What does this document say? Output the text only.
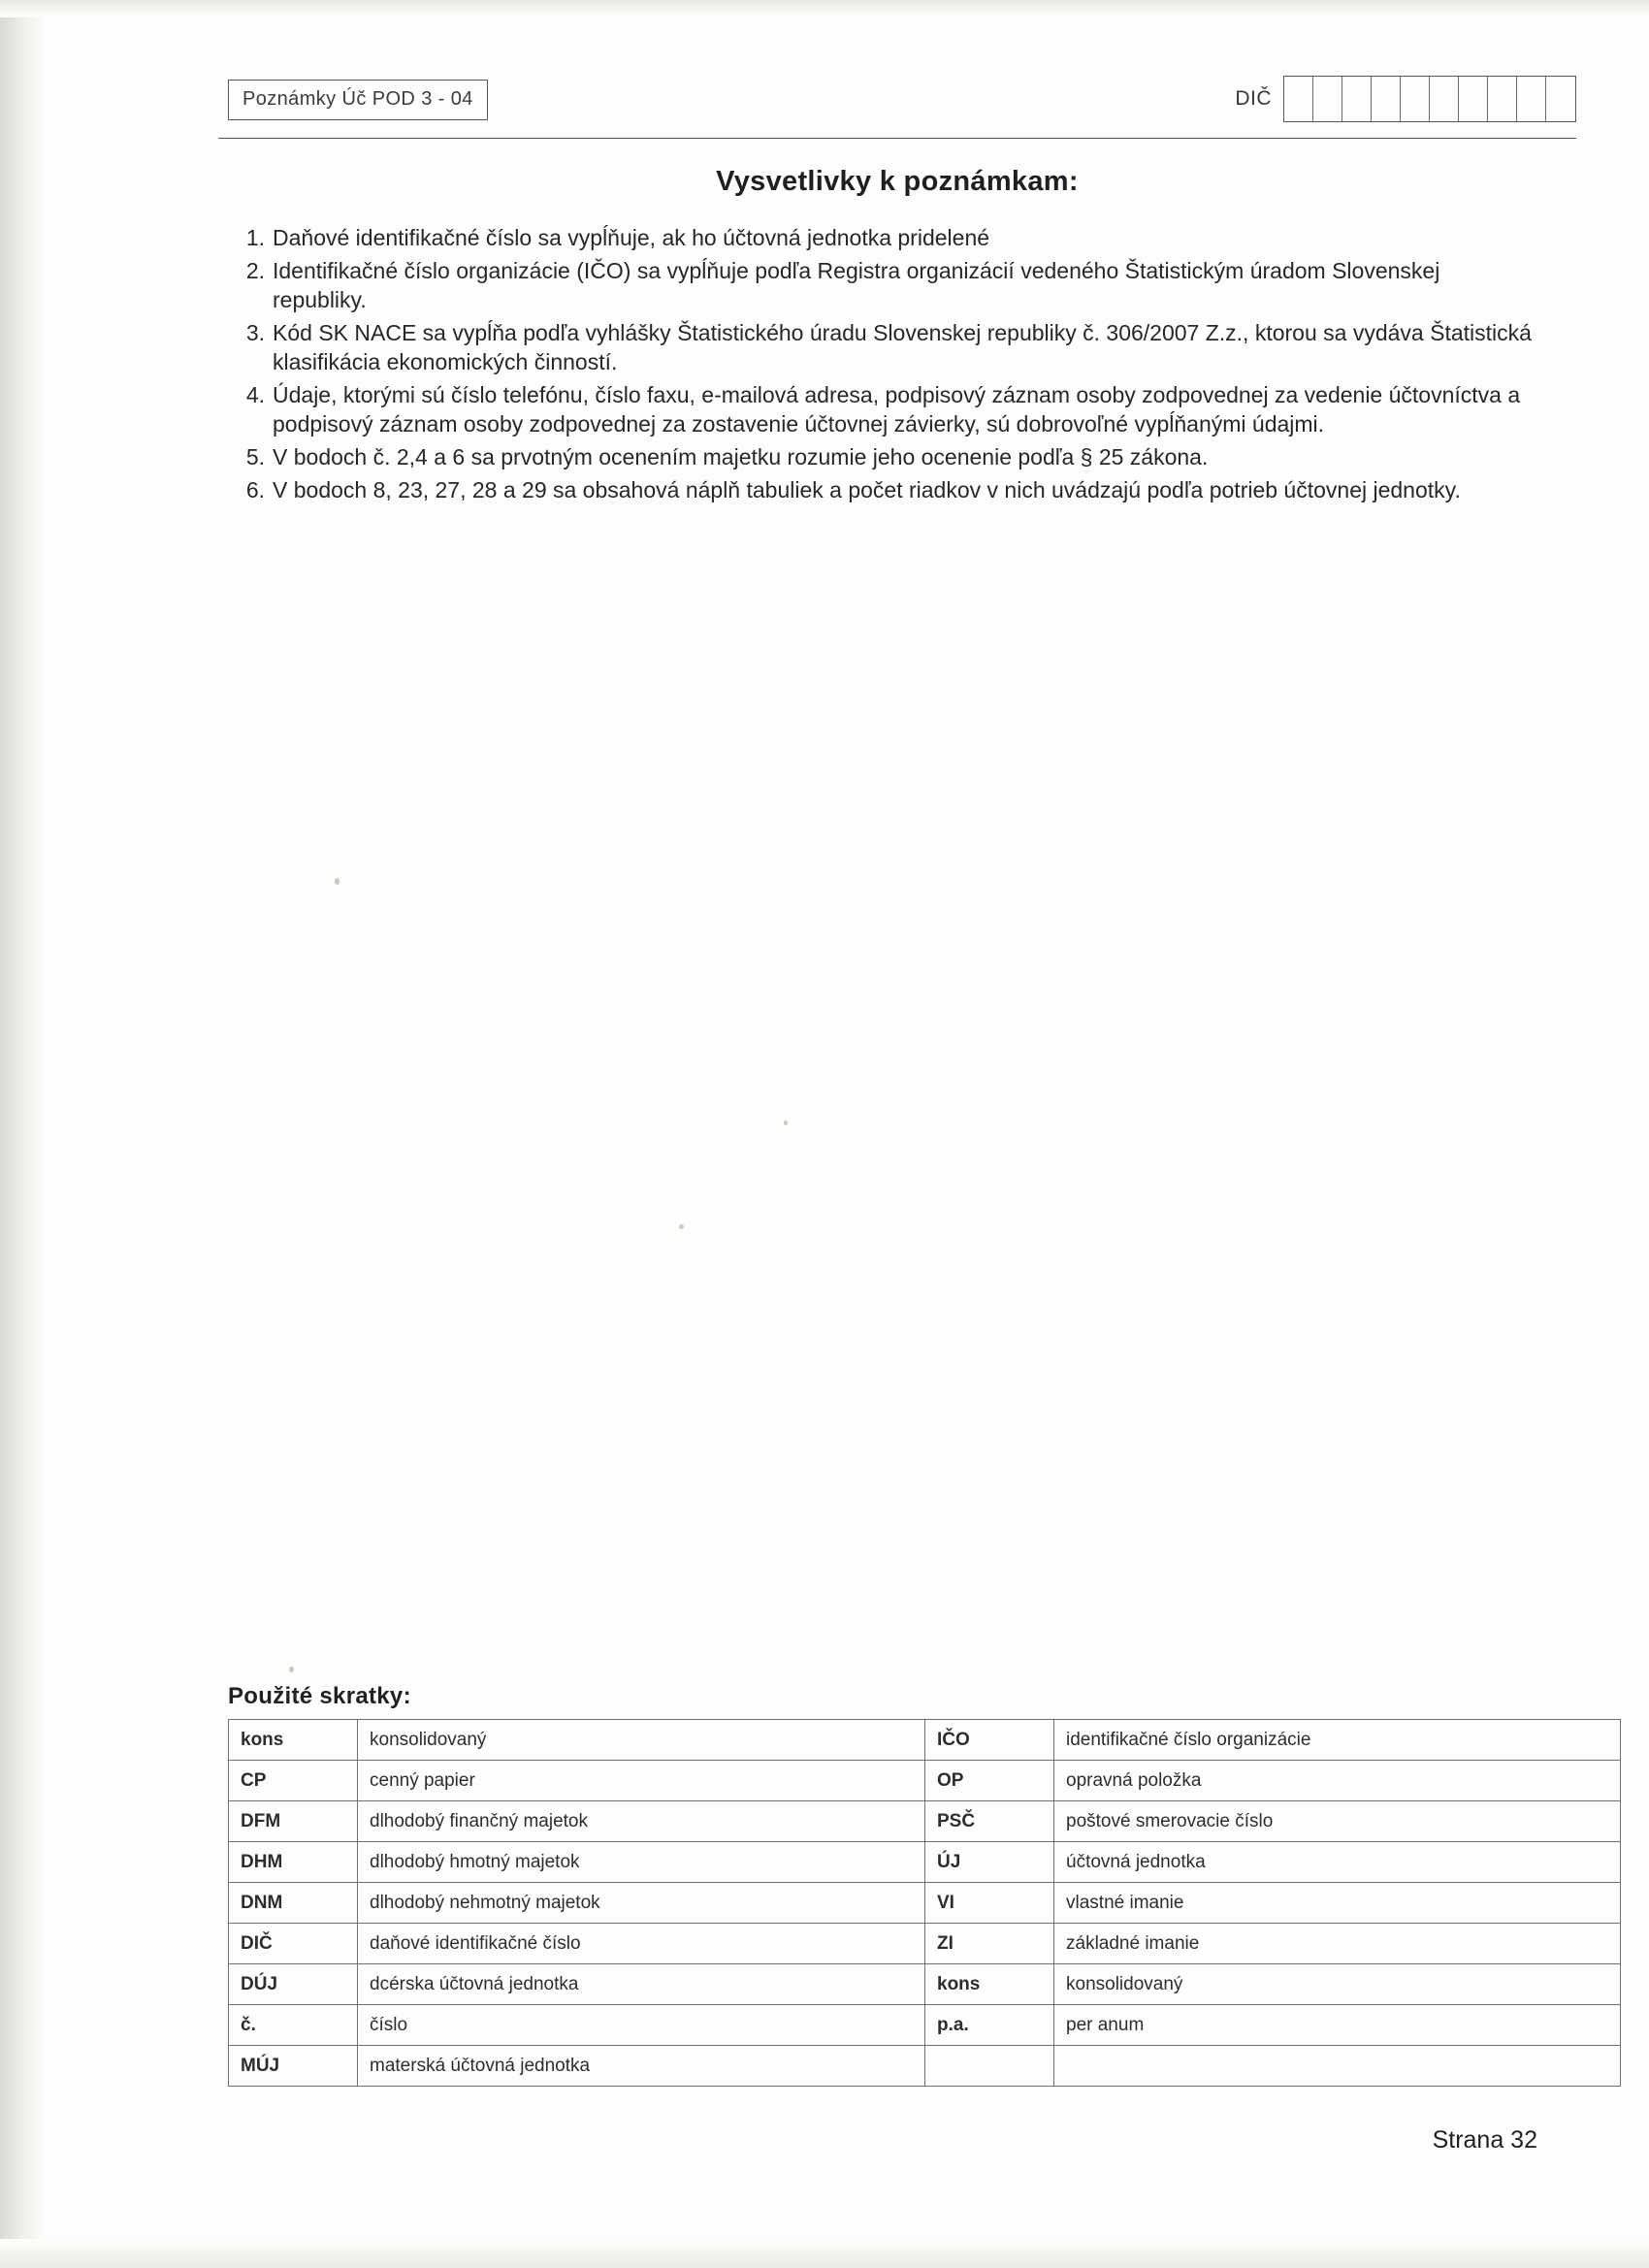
Poznámky Úč POD 3 - 04	DIČ
Vysvetlivky k poznámkam:
1. Daňové identifikačné číslo sa vypĺňuje, ak ho účtovná jednotka pridelené
2. Identifikačné číslo organizácie (IČO) sa vypĺňuje podľa Registra organizácií vedeného Štatistickým úradom Slovenskej republiky.
3. Kód SK NACE sa vypĺňa podľa vyhlášky Štatistického úradu Slovenskej republiky č. 306/2007 Z.z., ktorou sa vydáva Štatistická klasifikácia ekonomických činností.
4. Údaje, ktorými sú číslo telefónu, číslo faxu, e-mailová adresa, podpisový záznam osoby zodpovednej za vedenie účtovníctva a podpisový záznam osoby zodpovednej za zostavenie účtovnej závierky, sú dobrovoľné vypĺňanými údajmi.
5. V bodoch č. 2,4 a 6 sa prvotným ocenením majetku rozumie jeho ocenenie podľa § 25 zákona.
6. V bodoch 8, 23, 27, 28 a 29 sa obsahová náplň tabuliek a počet riadkov v nich uvádzajú podľa potrieb účtovnej jednotky.
Použité skratky:
kons	konsolidovaný	IČO	identifikačné číslo organizácie
CP	cenný papier	OP	opravná položka
DFM	dlhodobý finančný majetok	PSČ	poštové smerovacie číslo
DHM	dlhodobý hmotný majetok	ÚJ	účtovná jednotka
DNM	dlhodobý nehmotný majetok	VI	vlastné imanie
DIČ	daňové identifikačné číslo	ZI	základné imanie
DÚJ	dcérska účtovná jednotka	kons	konsolidovaný
č.	číslo	p.a.	per anum
MÚJ	materská účtovná jednotka		
Strana 32
